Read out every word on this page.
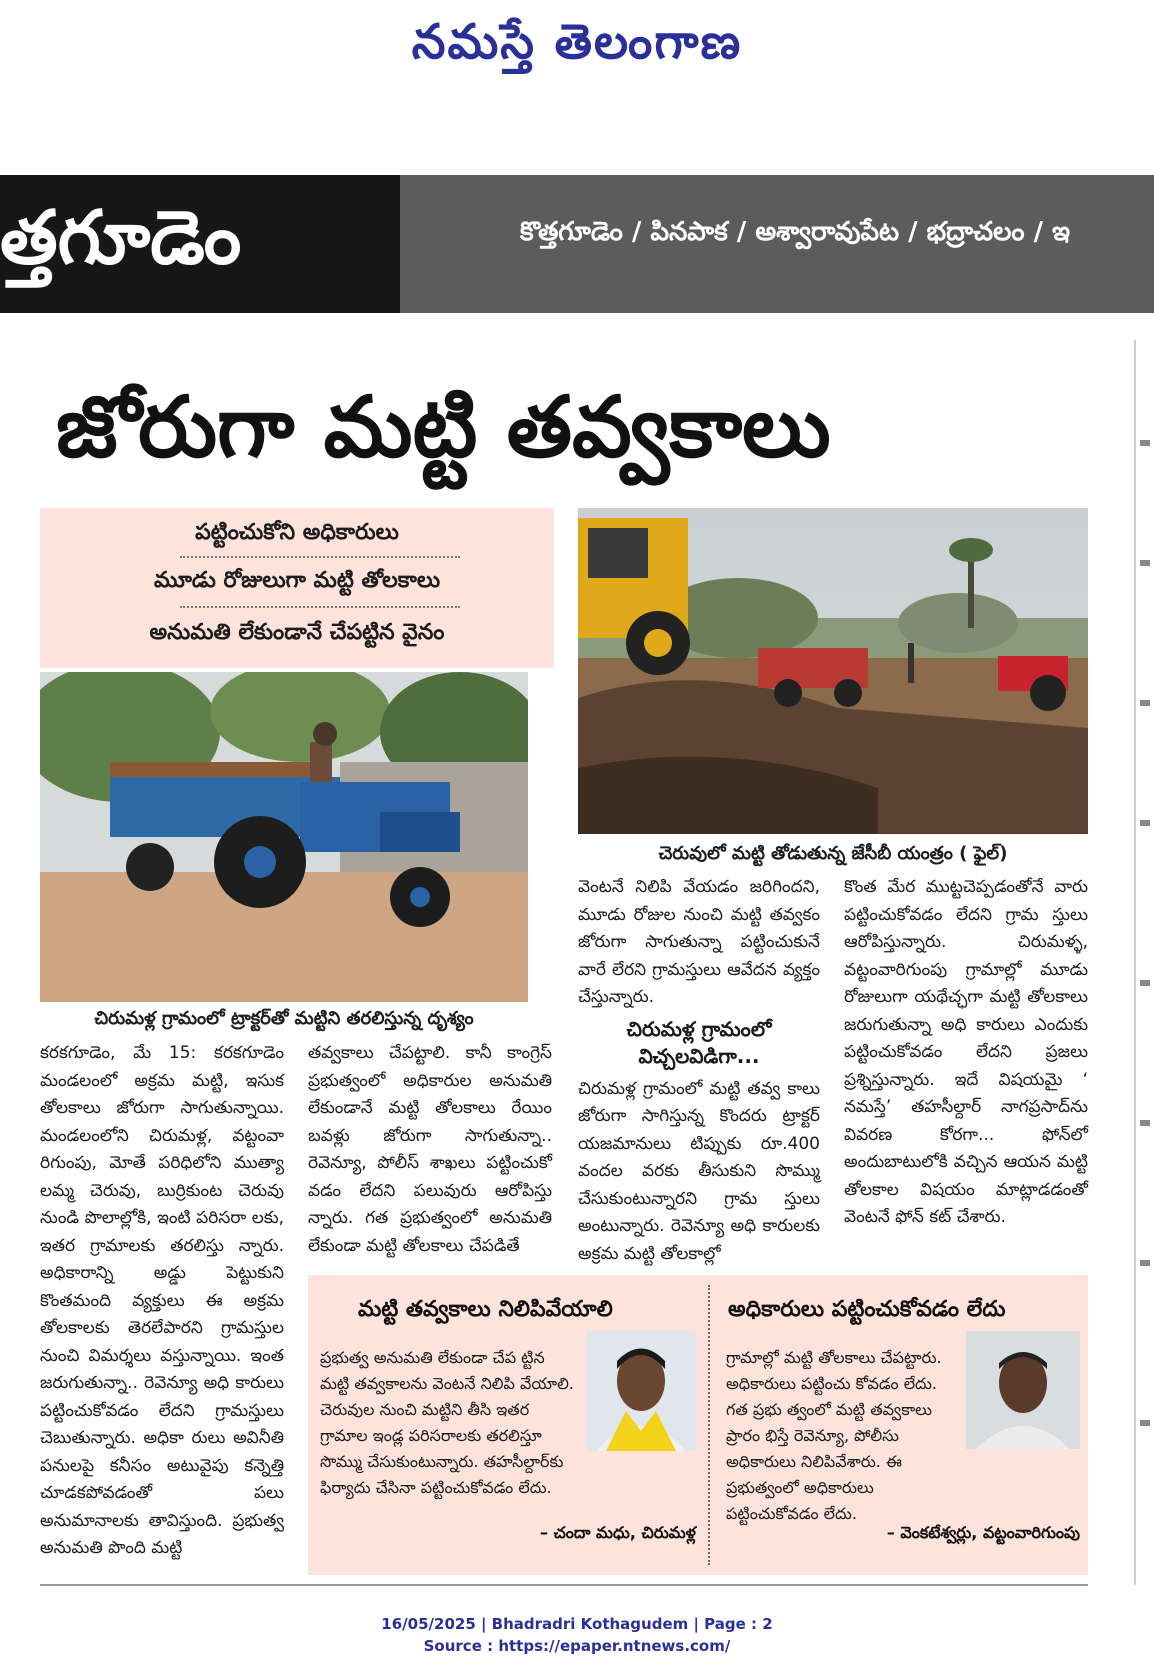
నమస్తే తెలంగాణ
త్తగూడెం	కొత్తగూడెం / పినపాక / అశ్వారావుపేట / భద్రాచలం / ఇ
జోరుగా మట్టి తవ్వకాలు
పట్టించుకోని అధికారులు
మూడు రోజులుగా మట్టి తోలకాలు
అనుమతి లేకుండానే చేపట్టిన వైనం
చెరువులో మట్టి తోడుతున్న జేసీబీ యంత్రం ( ఫైల్)
చిరుమళ్ల గ్రామంలో ట్రాక్టర్‌తో మట్టిని తరలిస్తున్న దృశ్యం

కరకగూడెం, మే 15: కరకగూడెం మండలంలో అక్రమ మట్టి, ఇసుక తోలకాలు జోరుగా సాగుతున్నాయి. మండలంలోని చిరుమళ్ల, వట్టంవా రిగుంపు, మోతే పరిధిలోని ముత్యా లమ్మ చెరువు, బుర్రికుంట చెరువు నుండి పొలాల్లోకి, ఇంటి పరిసరా లకు, ఇతర గ్రామాలకు తరలిస్తు న్నారు. అధికారాన్ని అడ్డు పెట్టుకుని కొంతమంది వ్యక్తులు ఈ అక్రమ తోలకాలకు తెరలేపారని గ్రామస్తుల నుంచి విమర్శలు వస్తున్నాయి. ఇంత జరుగుతున్నా.. రెవెన్యూ అధి కారులు పట్టించుకోవడం లేదని గ్రామస్తులు చెబుతున్నారు. అధికా రులు అవినీతి పనులపై కనీసం అటువైపు కన్నెత్తి చూడకపోవడంతో పలు అనుమానాలకు తావిస్తుంది. ప్రభుత్వ అనుమతి పొంది మట్టి

తవ్వకాలు చేపట్టాలి. కానీ కాంగ్రెస్ ప్రభుత్వంలో అధికారుల అనుమతి లేకుండానే మట్టి తోలకాలు రేయిం బవళ్లు జోరుగా సాగుతున్నా.. రెవెన్యూ, పోలీస్ శాఖలు పట్టించుకో వడం లేదని పలువురు ఆరోపిస్తు న్నారు. గత ప్రభుత్వంలో అనుమతి లేకుండా మట్టి తోలకాలు చేపడితే

వెంటనే నిలిపి వేయడం జరిగిందని, మూడు రోజుల నుంచి మట్టి తవ్వకం జోరుగా సాగుతున్నా పట్టించుకునే వారే లేరని గ్రామస్తులు ఆవేదన వ్యక్తం చేస్తున్నారు.

చిరుమళ్ల గ్రామంలో విచ్చలవిడిగా...

చిరుమళ్ల గ్రామంలో మట్టి తవ్వ కాలు జోరుగా సాగిస్తున్న కొందరు ట్రాక్టర్ యజమానులు టిప్పుకు రూ.400 వందల వరకు తీసుకుని సొమ్ము చేసుకుంటున్నారని గ్రామ స్తులు అంటున్నారు. రెవెన్యూ అధి కారులకు అక్రమ మట్టి తోలకాల్లో

కొంత మేర ముట్టచెప్పడంతోనే వారు పట్టించుకోవడం లేదని గ్రామ స్తులు ఆరోపిస్తున్నారు. చిరుమళ్ళ, వట్టంవారిగుంపు గ్రామాల్లో మూడు రోజులుగా యథేచ్ఛగా మట్టి తోలకాలు జరుగుతున్నా అధి కారులు ఎందుకు పట్టించుకోవడం లేదని ప్రజలు ప్రశ్నిస్తున్నారు. ఇదే విషయమై ‘ నమస్తే’ తహసీల్దార్ నాగప్రసాద్‌ను వివరణ కోరగా... ఫోన్‌లో అందుబాటులోకి వచ్చిన ఆయన మట్టి తోలకాల విషయం మాట్లాడడంతో వెంటనే ఫోన్ కట్ చేశారు.

మట్టి తవ్వకాలు నిలిపివేయాలి
ప్రభుత్వ అనుమతి లేకుండా చేప ట్టిన మట్టి తవ్వకాలను వెంటనే నిలిపి వేయాలి. చెరువుల నుంచి మట్టిని తీసి ఇతర గ్రామాల ఇండ్ల పరిసరాలకు తరలిస్తూ సొమ్ము చేసుకుంటున్నారు. తహసీల్దార్‌కు ఫిర్యాదు చేసినా పట్టించుకోవడం లేదు.
– చందా మధు, చిరుమళ్ల
అధికారులు పట్టించుకోవడం లేదు
గ్రామాల్లో మట్టి తోలకాలు చేపట్టారు. అధికారులు పట్టించు కోవడం లేదు. గత ప్రభు త్వంలో మట్టి తవ్వకాలు ప్రారం భిస్తే రెవెన్యూ, పోలీసు అధికారులు నిలిపివేశారు. ఈ ప్రభుత్వంలో అధికారులు పట్టించుకోవడం లేదు.
– వెంకటేశ్వర్లు, వట్టంవారిగుంపు
16/05/2025 | Bhadradri Kothagudem | Page : 2
Source : https://epaper.ntnews.com/
